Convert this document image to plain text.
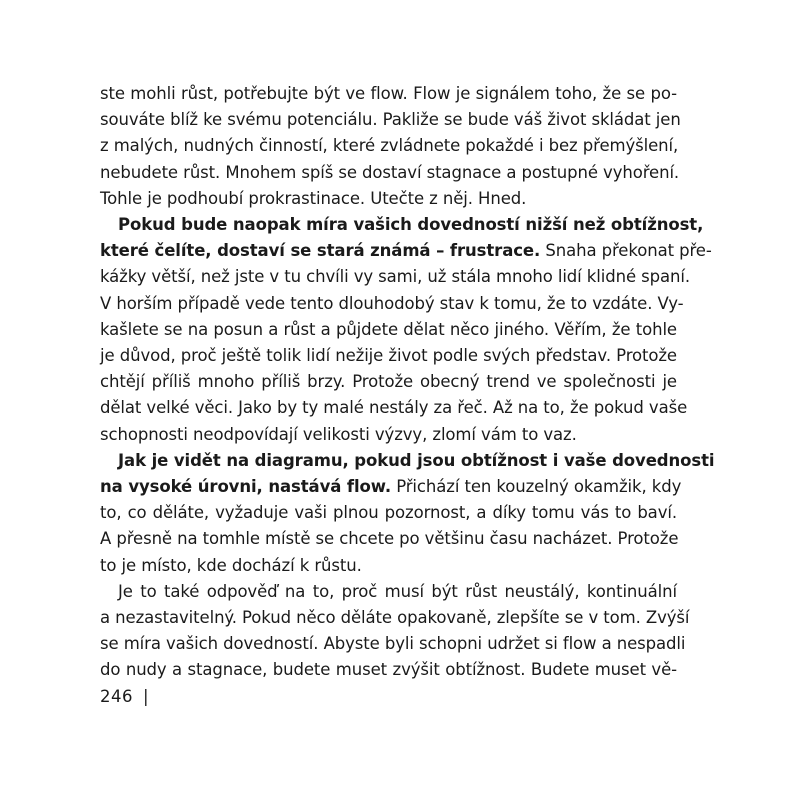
ste mohli růst, potřebujte být ve flow. Flow je signálem toho, že se po-
souváte blíž ke svému potenciálu. Pakliže se bude váš život skládat jen
z malých, nudných činností, které zvládnete pokaždé i bez přemýšlení,
nebudete růst. Mnohem spíš se dostaví stagnace a postupné vyhoření.
Tohle je podhoubí prokrastinace. Utečte z něj. Hned.

Pokud bude naopak míra vašich dovedností nižší než obtížnost,
které čelíte, dostaví se stará známá – frustrace. Snaha překonat pře-
kážky větší, než jste v tu chvíli vy sami, už stála mnoho lidí klidné spaní.
V horším případě vede tento dlouhodobý stav k tomu, že to vzdáte. Vy-
kašlete se na posun a růst a půjdete dělat něco jiného. Věřím, že tohle
je důvod, proč ještě tolik lidí nežije život podle svých představ. Protože
chtějí příliš mnoho příliš brzy. Protože obecný trend ve společnosti je
dělat velké věci. Jako by ty malé nestály za řeč. Až na to, že pokud vaše
schopnosti neodpovídají velikosti výzvy, zlomí vám to vaz.

Jak je vidět na diagramu, pokud jsou obtížnost i vaše dovednosti
na vysoké úrovni, nastává flow. Přichází ten kouzelný okamžik, kdy
to, co děláte, vyžaduje vaši plnou pozornost, a díky tomu vás to baví.
A přesně na tomhle místě se chcete po většinu času nacházet. Protože
to je místo, kde dochází k růstu.

Je to také odpověď na to, proč musí být růst neustálý, kontinuální
a nezastavitelný. Pokud něco děláte opakovaně, zlepšíte se v tom. Zvýší
se míra vašich dovedností. Abyste byli schopni udržet si flow a nespadli
do nudy a stagnace, budete muset zvýšit obtížnost. Budete muset vě-

246 |
